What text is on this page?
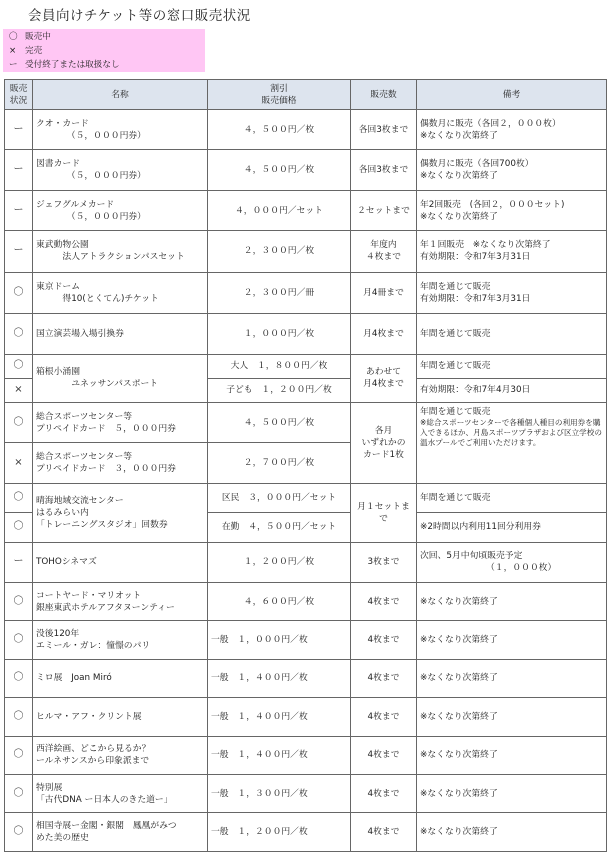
会員向けチケット等の窓口販売状況
〇 販売中
× 完売
ー 受付終了または取扱なし
販売
状況	名称	割引
販売価格	販売数	備考
ー	クオ・カード
　　　　（５，０００円券）	４，５００円／枚	各回3枚まで	偶数月に販売（各回２，０００枚）
※なくなり次第終了

ー	図書カード
　　　　（５，０００円券）	４，５００円／枚	各回3枚まで	偶数月に販売（各回700枚）
※なくなり次第終了

ー	ジェフグルメカード
　　　　（５，０００円券）	４，０００円／セット	２セットまで	年2回販売　(各回２，０００セット)
※なくなり次第終了

ー	東武動物公園
　　　法人アトラクションパスセット	２，３００円／枚	年度内
４枚まで	年１回販売　※なくなり次第終了
有効期限：令和7年3月31日

〇	東京ドーム
　　　得10(とくてん)チケット	２，３００円／冊	月4冊まで	年間を通じて販売
有効期限：令和7年3月31日

〇	国立演芸場入場引換券	１，０００円／枚	月4枚まで	年間を通じて販売

〇	箱根小涌園
　　　　ユネッサンパスポート	大人　１，８００円／枚	あわせて
月4枚まで	年間を通じて販売
×		子ども　１，２００円／枚		有効期限：令和7年4月30日
〇	総合スポーツセンター等
プリペイドカード　５，０００円券	４，５００円／枚	各月
いずれかの
カード1枚	年間を通じて販売
※総合スポーツセンターで各種個人種目の利用券を購入できるほか、月島スポーツプラザおよび区立学校の温水プールでご利用いただけます。

×	総合スポーツセンター等
プリペイドカード　３，０００円券	２，７００円／枚		
〇	晴海地域交流センター
はるみらい内
「トレーニングスタジオ」回数券	区民　３，０００円／セット	月１セットまで	年間を通じて販売
〇		在勤　４，５００円／セット		※2時間以内利用11回分利用券
ー	TOHOシネマズ	１，２００円／枚	3枚まで	次回、5月中旬頃販売予定
　　　　　　　　（１，０００枚）

〇	コートヤード・マリオット
銀座東武ホテルアフタヌーンティー	４，６００円／枚	4枚まで	※なくなり次第終了
〇	没後120年
エミール・ガレ：憧憬のパリ	一般　１，０００円／枚	4枚まで	※なくなり次第終了
〇	ミロ展　Joan Miró	一般　１，４００円／枚	4枚まで	※なくなり次第終了
〇	ヒルマ・アフ・クリント展	一般　１，４００円／枚	4枚まで	※なくなり次第終了
〇	西洋絵画、どこから見るか？
ールネサンスから印象派まで	一般　１，４００円／枚	4枚まで	※なくなり次第終了
〇	特別展
「古代DNA ー日本人のきた道ー」	一般　１，３００円／枚	4枚まで	※なくなり次第終了
〇	相国寺展ー金閣・銀閣　鳳凰がみつ
めた美の歴史	一般　１，２００円／枚	4枚まで	※なくなり次第終了
